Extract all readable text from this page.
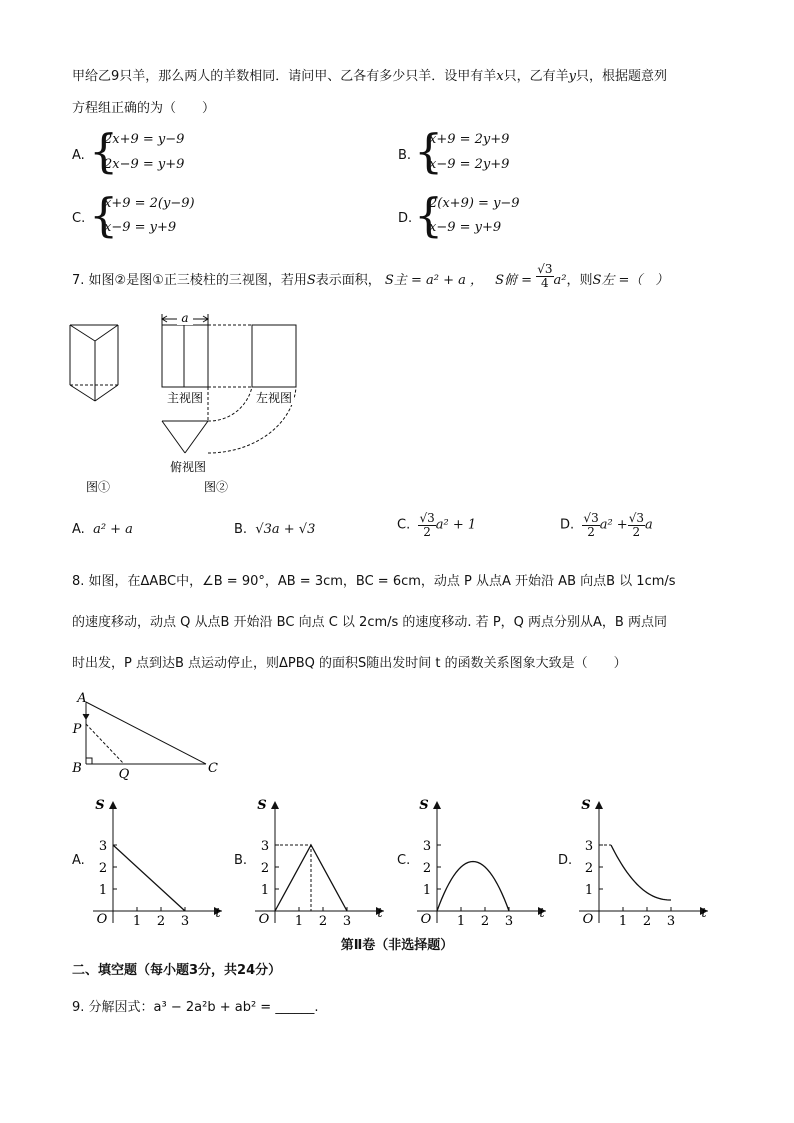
甲给乙9只羊，那么两人的羊数相同．请问甲、乙各有多少只羊．设甲有羊x只，乙有羊y只，根据题意列
方程组正确的为（　　）
A. {
2x+9 = y−9
2x−9 = y+9
B. {
x+9 = 2y+9
x−9 = 2y+9
C. {
x+9 = 2(y−9)
x−9 = y+9
D. {
2(x+9) = y−9
x−9 = y+9
7. 如图②是图①正三棱柱的三视图，若用S表示面积， S主 = a² + a ， S俯 = $\frac{√3}{4} a^2$，则S左 =（　）
a
主视图	左视图
俯视图
图①	图②
A. a² + a	B. √3a + √3	C. $\frac{√3}{2} a^2 + 1$	D. $\frac{√3}{2} a^2 + \frac{√3}{2}$ a
8. 如图，在ΔABC中，∠B = 90°，AB = 3cm，BC = 6cm，动点 P 从点A 开始沿 AB 向点B 以 1cm/s
的速度移动，动点 Q 从点B 开始沿 BC 向点 C 以 2cm/s 的速度移动. 若 P，Q 两点分别从A，B 两点同
时出发，P 点到达B 点运动停止，则ΔPBQ 的面积S随出发时间 t 的函数关系图象大致是（　　）
A
P
B	Q	C
A.	B.	C.	D.
S
t
O
1
2
3
1 2 3
S
t
O
1
2
3
1 2 3
S
t
O
1
2
3
1 2 3
S
t
O
1
2
3
1 2 3
第Ⅱ卷（非选择题）
二、填空题（每小题3分，共24分）
9. 分解因式：a³ − 2a²b + ab² = ______.
